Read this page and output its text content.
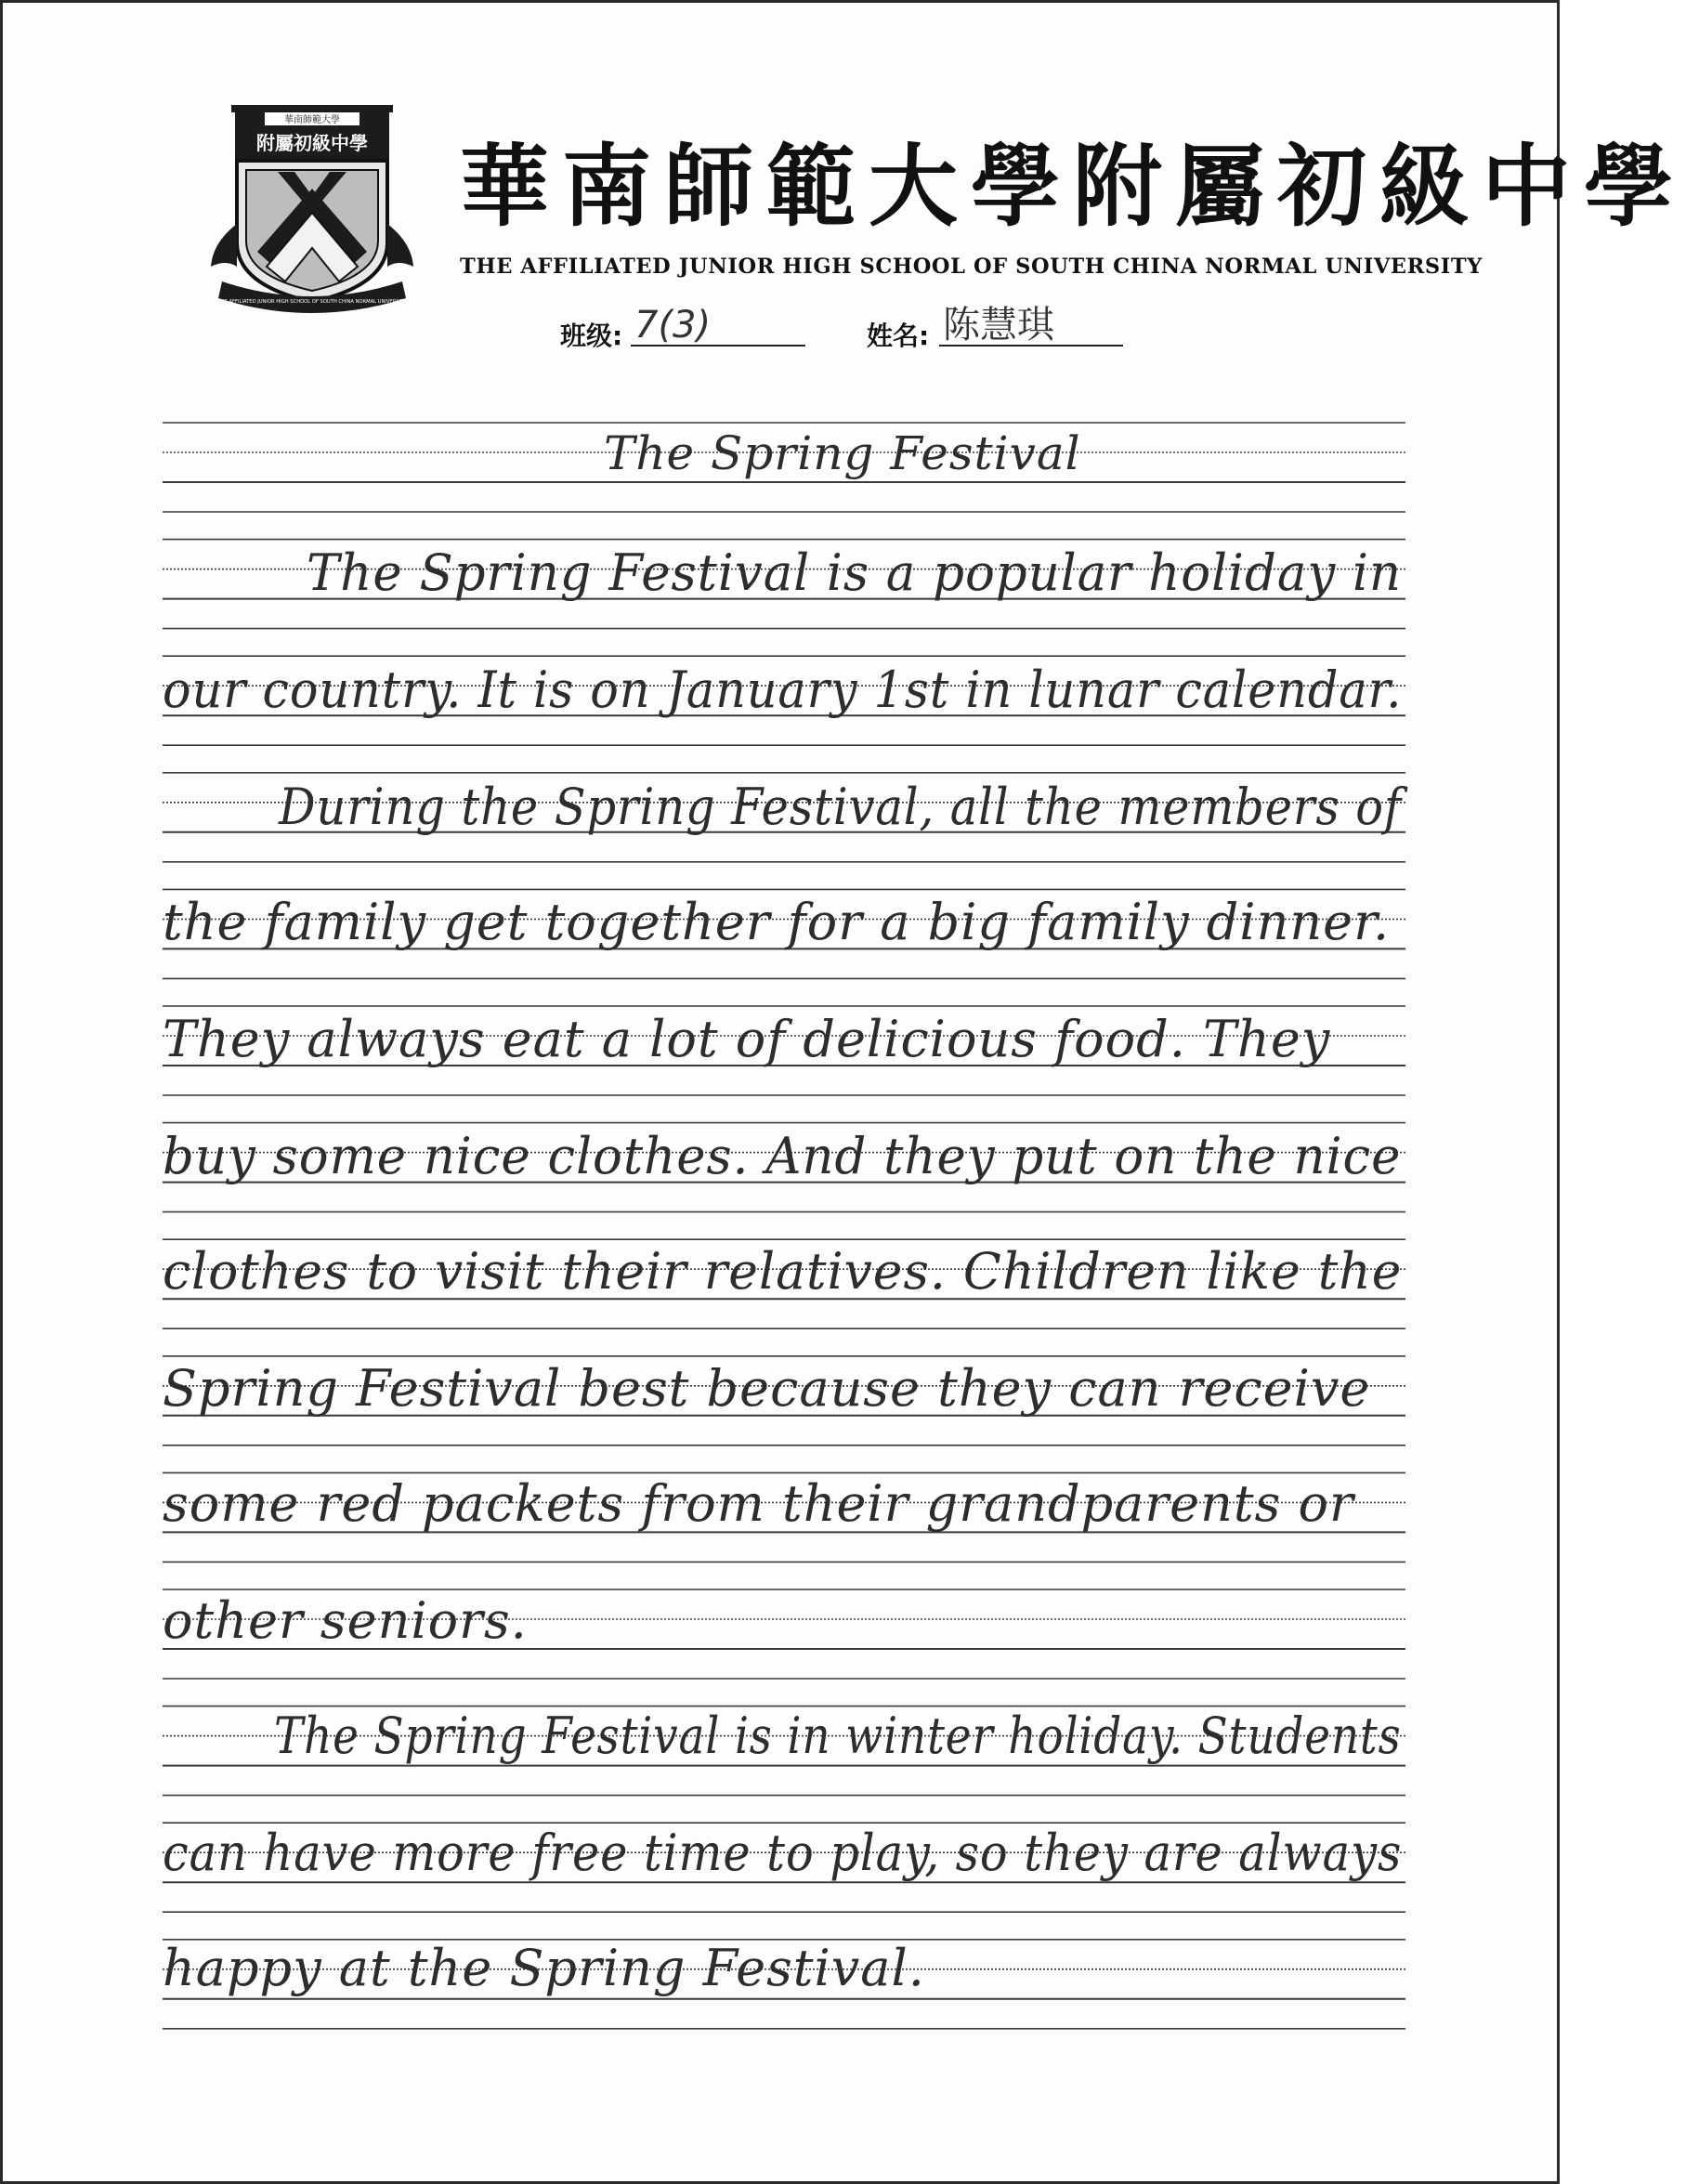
華南師範大學
附屬初級中學
THE AFFILIATED JUNIOR HIGH SCHOOL OF SOUTH CHINA NORMAL UNIVERSITY
華南師範大學附屬初級中學
THE AFFILIATED JUNIOR HIGH SCHOOL OF SOUTH CHINA NORMAL UNIVERSITY
班级: 7(3)	姓名: 陈慧琪
The Spring Festival
The Spring Festival is a popular holiday in
our country. It is on January 1st in lunar calendar.
During the Spring Festival, all the members of
the family get together for a big family dinner.
They always eat a lot of delicious food. They
buy some nice clothes. And they put on the nice
clothes to visit their relatives. Children like the
Spring Festival best because they can receive
some red packets from their grandparents or
other seniors.
The Spring Festival is in winter holiday. Students
can have more free time to play, so they are always
happy at the Spring Festival.
